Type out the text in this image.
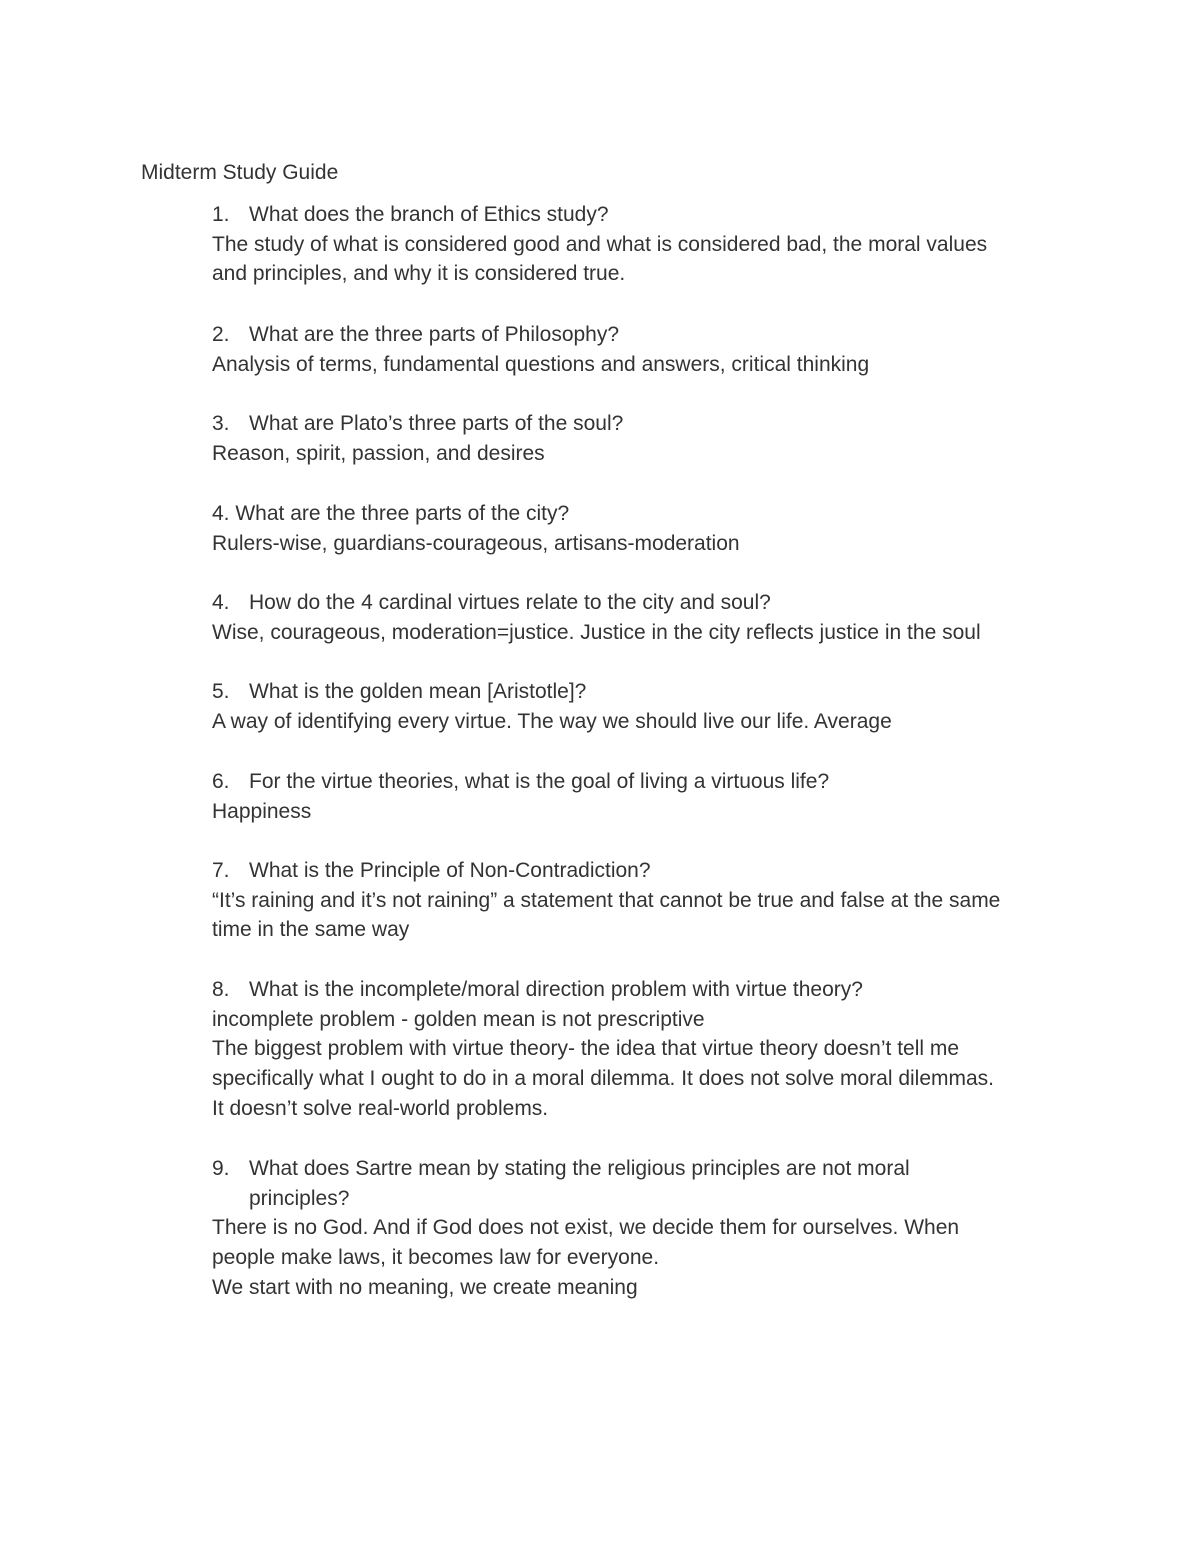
Midterm Study Guide
1. What does the branch of Ethics study?
The study of what is considered good and what is considered bad, the moral values
and principles, and why it is considered true.
2. What are the three parts of Philosophy?
Analysis of terms, fundamental questions and answers, critical thinking
3. What are Plato’s three parts of the soul?
Reason, spirit, passion, and desires
4. What are the three parts of the city?
Rulers-wise, guardians-courageous, artisans-moderation
4. How do the 4 cardinal virtues relate to the city and soul?
Wise, courageous, moderation=justice. Justice in the city reflects justice in the soul
5. What is the golden mean [Aristotle]?
A way of identifying every virtue. The way we should live our life. Average
6. For the virtue theories, what is the goal of living a virtuous life?
Happiness
7. What is the Principle of Non-Contradiction?
“It’s raining and it’s not raining” a statement that cannot be true and false at the same
time in the same way
8. What is the incomplete/moral direction problem with virtue theory?
incomplete problem - golden mean is not prescriptive
The biggest problem with virtue theory- the idea that virtue theory doesn’t tell me
specifically what I ought to do in a moral dilemma. It does not solve moral dilemmas.
It doesn’t solve real-world problems.
9. What does Sartre mean by stating the religious principles are not moral
principles?
There is no God. And if God does not exist, we decide them for ourselves. When
people make laws, it becomes law for everyone.
We start with no meaning, we create meaning
